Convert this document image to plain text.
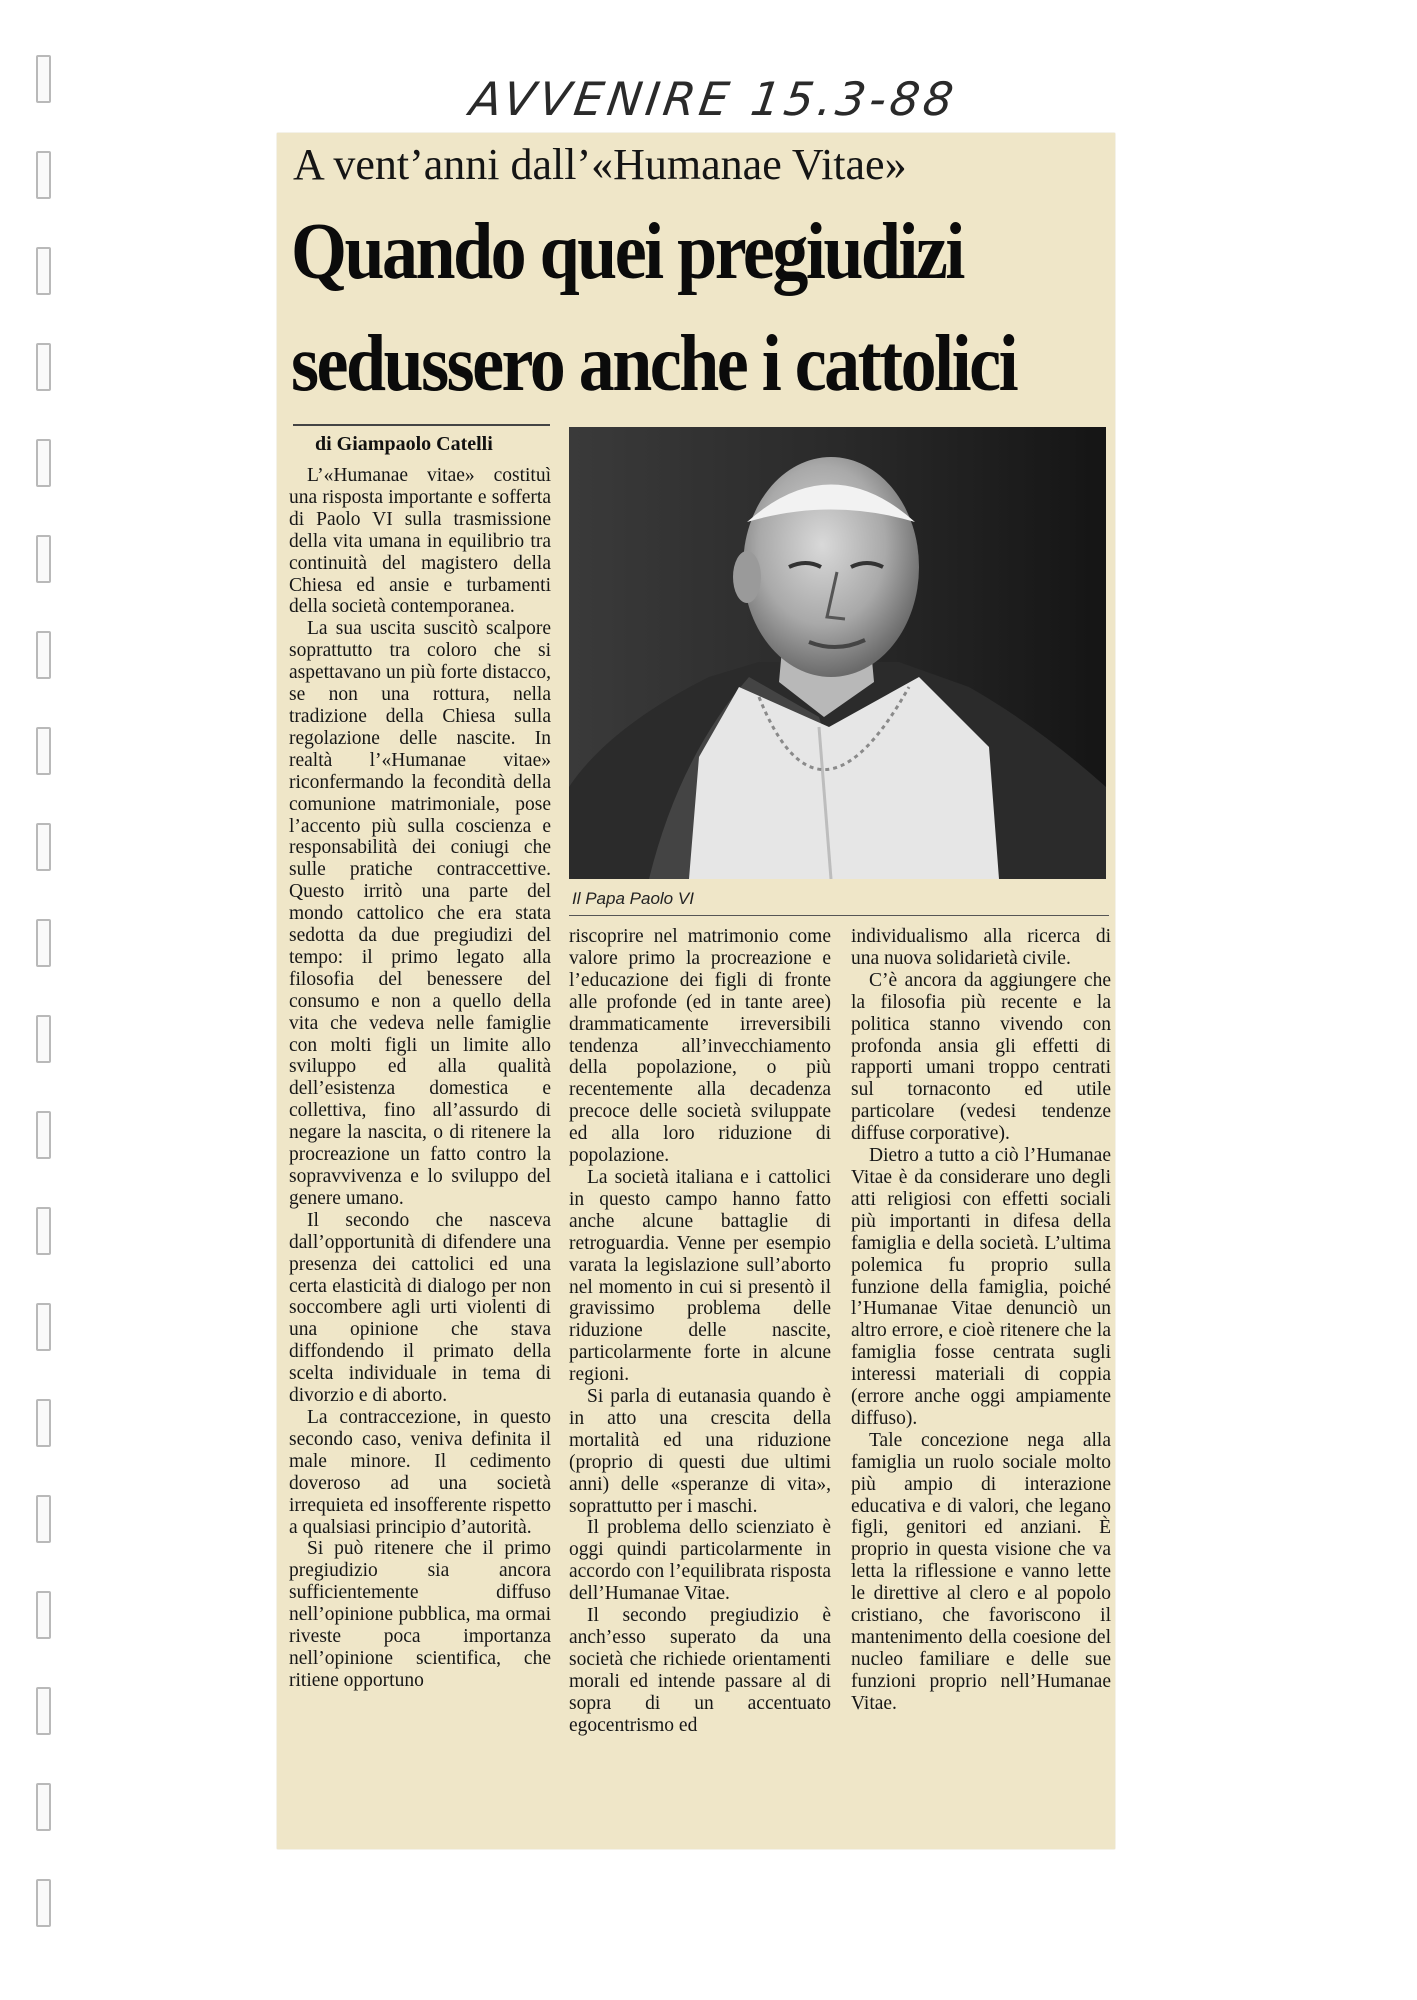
AVVENIRE 15.3-88
A vent’anni dall’«Humanae Vitae»
Quando quei pregiudizi
sedussero anche i cattolici
di Giampaolo Catelli
Il Papa Paolo VI

L’«Humanae vitae» costituì una risposta importante e sofferta di Paolo VI sulla trasmissione della vita umana in equilibrio tra continuità del magistero della Chiesa ed ansie e turbamenti della società contemporanea.

La sua uscita suscitò scalpore soprattutto tra coloro che si aspettavano un più forte distacco, se non una rottura, nella tradizione della Chiesa sulla regolazione delle nascite. In realtà l’«Humanae vitae» riconfermando la fecondità della comunione matrimoniale, pose l’accento più sulla coscienza e responsabilità dei coniugi che sulle pratiche contraccettive. Questo irritò una parte del mondo cattolico che era stata sedotta da due pregiudizi del tempo: il primo legato alla filosofia del benessere del consumo e non a quello della vita che vedeva nelle famiglie con molti figli un limite allo sviluppo ed alla qualità dell’esistenza domestica e collettiva, fino all’assurdo di negare la nascita, o di ritenere la procreazione un fatto contro la sopravvivenza e lo sviluppo del genere umano.

Il secondo che nasceva dall’opportunità di difendere una presenza dei cattolici ed una certa elasticità di dialogo per non soccombere agli urti violenti di una opinione che stava diffondendo il primato della scelta individuale in tema di divorzio e di aborto.

La contraccezione, in questo secondo caso, veniva definita il male minore. Il cedimento doveroso ad una società irrequieta ed insofferente rispetto a qualsiasi principio d’autorità.

Si può ritenere che il primo pregiudizio sia ancora sufficientemente diffuso nell’opinione pubblica, ma ormai riveste poca importanza nell’opinione scientifica, che ritiene opportuno

riscoprire nel matrimonio come valore primo la procreazione e l’educazione dei figli di fronte alle profonde (ed in tante aree) drammaticamente irreversibili tendenza all’invecchiamento della popolazione, o più recentemente alla decadenza precoce delle società sviluppate ed alla loro riduzione di popolazione.

La società italiana e i cattolici in questo campo hanno fatto anche alcune battaglie di retroguardia. Venne per esempio varata la legislazione sull’aborto nel momento in cui si presentò il gravissimo problema delle riduzione delle nascite, particolarmente forte in alcune regioni.

Si parla di eutanasia quando è in atto una crescita della mortalità ed una riduzione (proprio di questi due ultimi anni) delle «speranze di vita», soprattutto per i maschi.

Il problema dello scienziato è oggi quindi particolarmente in accordo con l’equilibrata risposta dell’Humanae Vitae.

Il secondo pregiudizio è anch’esso superato da una società che richiede orientamenti morali ed intende passare al di sopra di un accentuato egocentrismo ed

individualismo alla ricerca di una nuova solidarietà civile.

C’è ancora da aggiungere che la filosofia più recente e la politica stanno vivendo con profonda ansia gli effetti di rapporti umani troppo centrati sul tornaconto ed utile particolare (vedesi tendenze diffuse corporative).

Dietro a tutto a ciò l’Humanae Vitae è da considerare uno degli atti religiosi con effetti sociali più importanti in difesa della famiglia e della società. L’ultima polemica fu proprio sulla funzione della famiglia, poiché l’Humanae Vitae denunciò un altro errore, e cioè ritenere che la famiglia fosse centrata sugli interessi materiali di coppia (errore anche oggi ampiamente diffuso).

Tale concezione nega alla famiglia un ruolo sociale molto più ampio di interazione educativa e di valori, che legano figli, genitori ed anziani. È proprio in questa visione che va letta la riflessione e vanno lette le direttive al clero e al popolo cristiano, che favoriscono il mantenimento della coesione del nucleo familiare e delle sue funzioni proprio nell’Humanae Vitae.
